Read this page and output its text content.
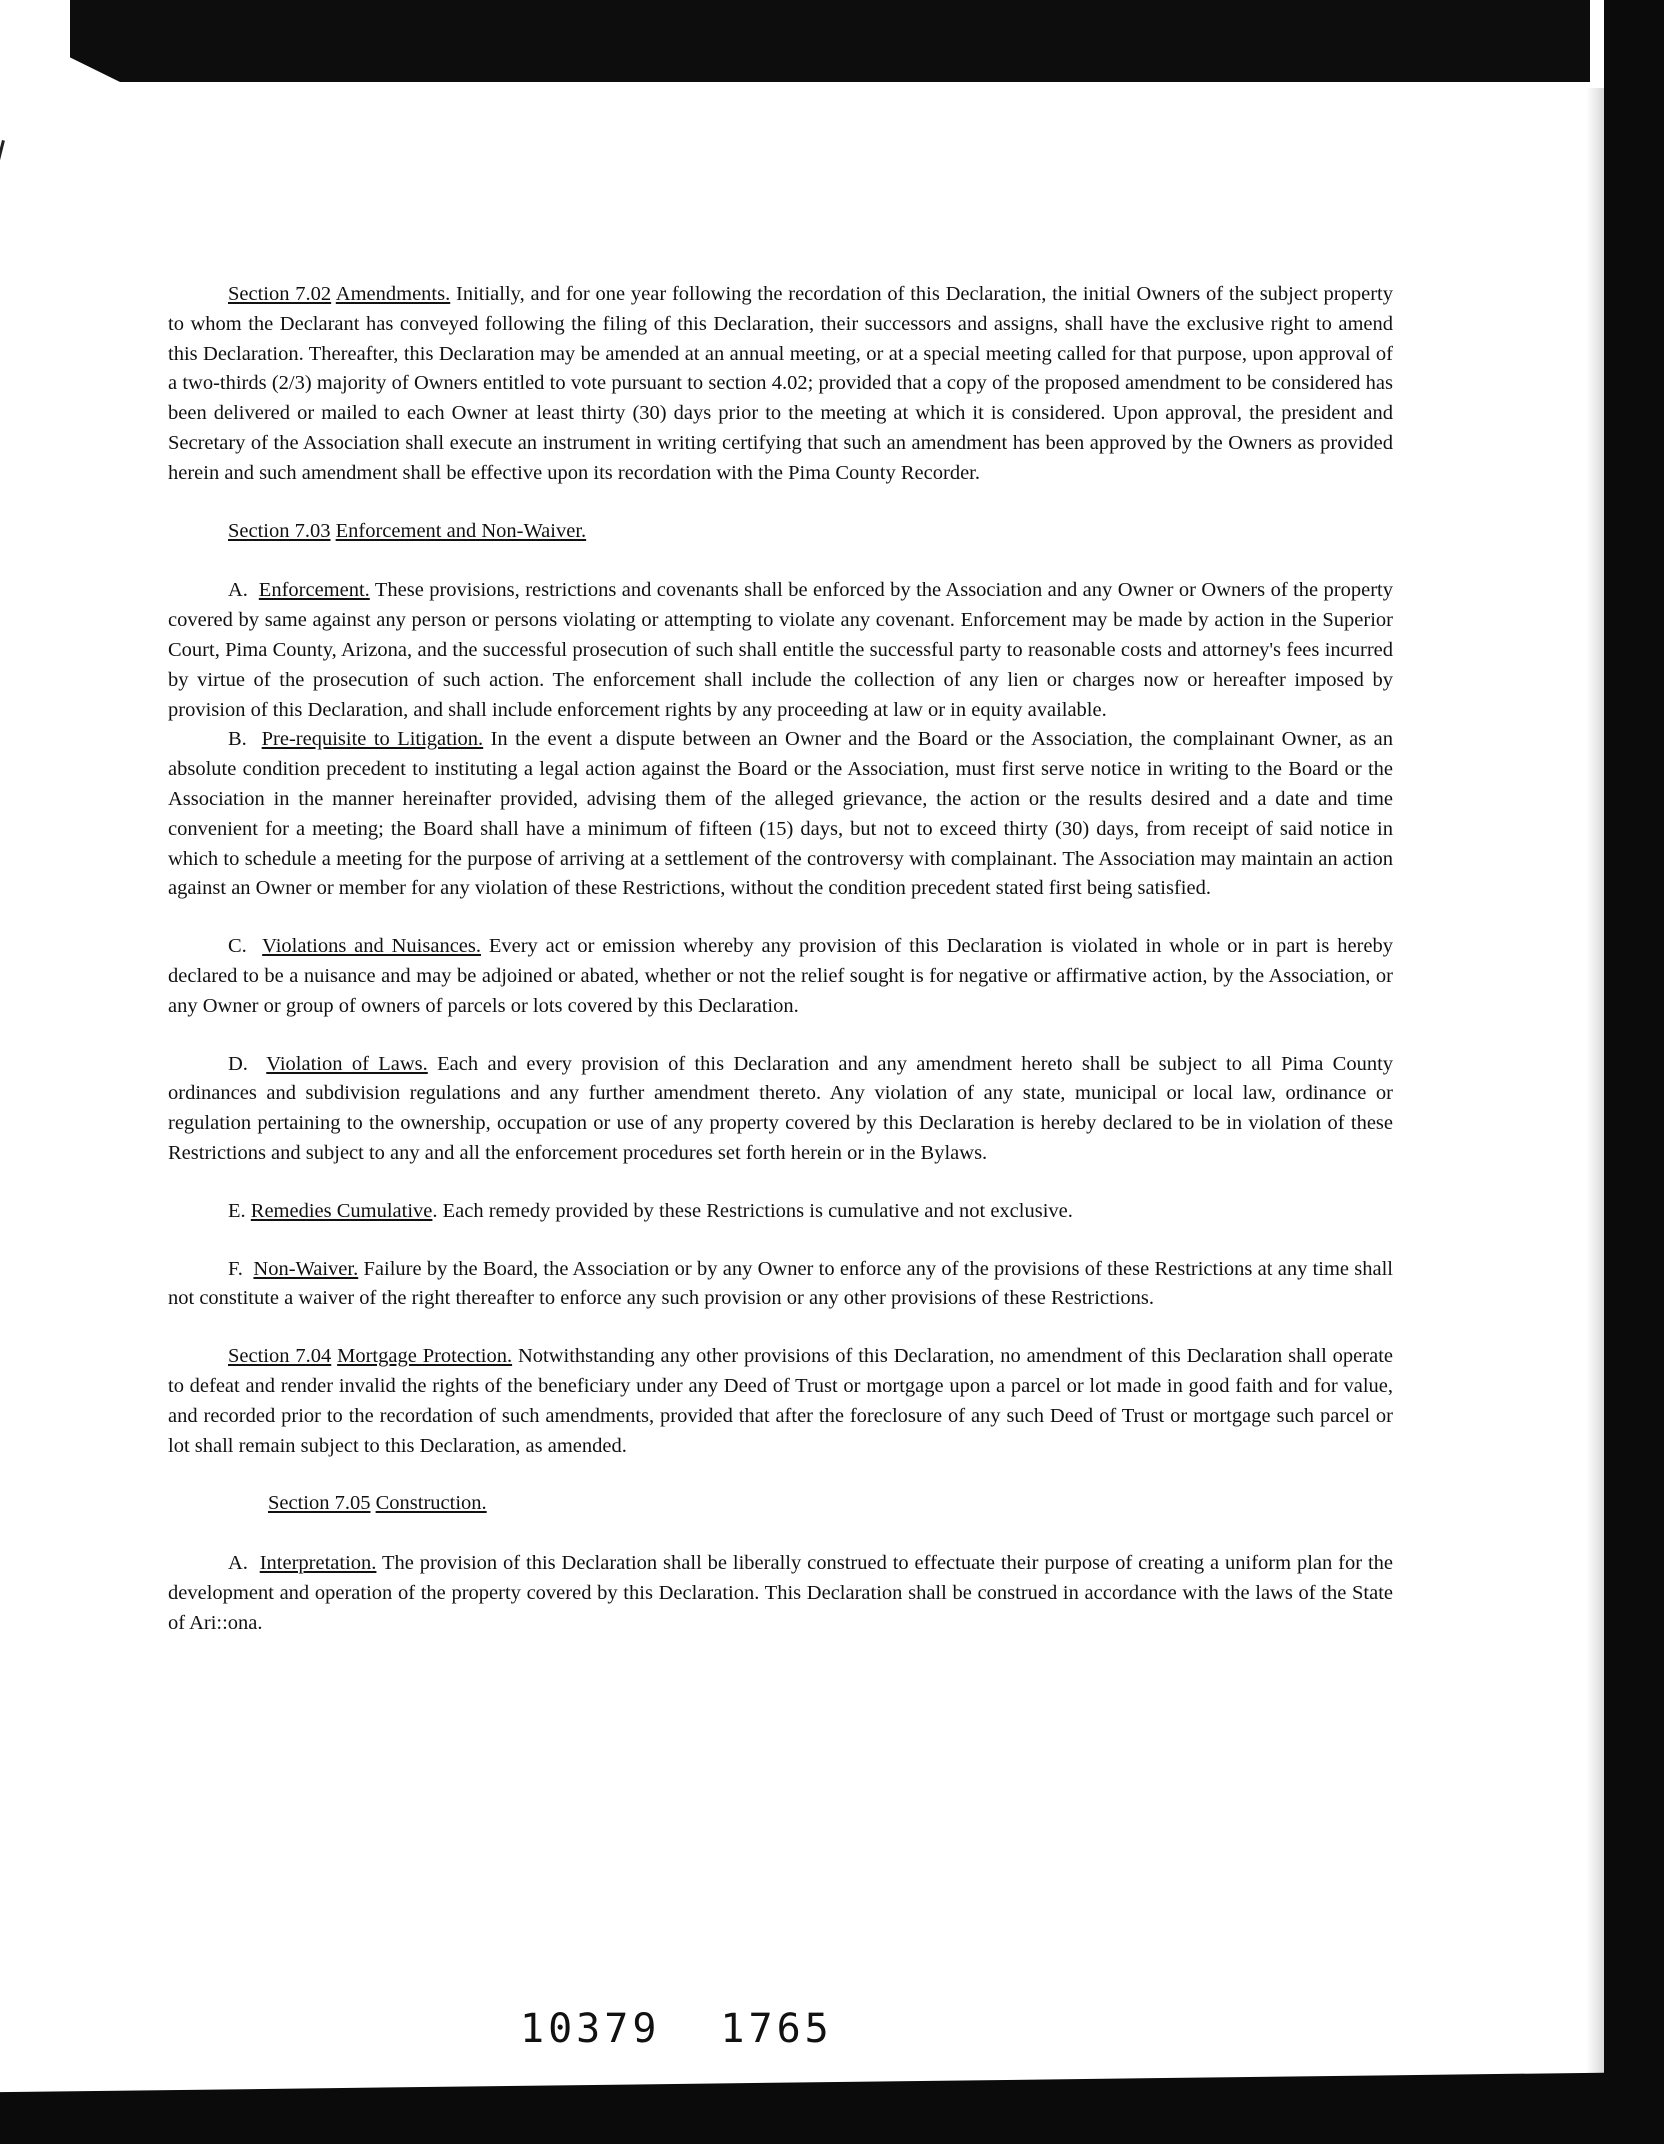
Section 7.02 Amendments. Initially, and for one year following the recordation of this Declaration, the initial Owners of the subject property to whom the Declarant has conveyed following the filing of this Declaration, their successors and assigns, shall have the exclusive right to amend this Declaration. Thereafter, this Declaration may be amended at an annual meeting, or at a special meeting called for that purpose, upon approval of a two-thirds (2/3) majority of Owners entitled to vote pursuant to section 4.02; provided that a copy of the proposed amendment to be considered has been delivered or mailed to each Owner at least thirty (30) days prior to the meeting at which it is considered. Upon approval, the president and Secretary of the Association shall execute an instrument in writing certifying that such an amendment has been approved by the Owners as provided herein and such amendment shall be effective upon its recordation with the Pima County Recorder.

Section 7.03 Enforcement and Non-Waiver.

A. Enforcement. These provisions, restrictions and covenants shall be enforced by the Association and any Owner or Owners of the property covered by same against any person or persons violating or attempting to violate any covenant. Enforcement may be made by action in the Superior Court, Pima County, Arizona, and the successful prosecution of such shall entitle the successful party to reasonable costs and attorney's fees incurred by virtue of the prosecution of such action. The enforcement shall include the collection of any lien or charges now or hereafter imposed by provision of this Declaration, and shall include enforcement rights by any proceeding at law or in equity available.

B. Pre-requisite to Litigation. In the event a dispute between an Owner and the Board or the Association, the complainant Owner, as an absolute condition precedent to instituting a legal action against the Board or the Association, must first serve notice in writing to the Board or the Association in the manner hereinafter provided, advising them of the alleged grievance, the action or the results desired and a date and time convenient for a meeting; the Board shall have a minimum of fifteen (15) days, but not to exceed thirty (30) days, from receipt of said notice in which to schedule a meeting for the purpose of arriving at a settlement of the controversy with complainant. The Association may maintain an action against an Owner or member for any violation of these Restrictions, without the condition precedent stated first being satisfied.

C. Violations and Nuisances. Every act or emission whereby any provision of this Declaration is violated in whole or in part is hereby declared to be a nuisance and may be adjoined or abated, whether or not the relief sought is for negative or affirmative action, by the Association, or any Owner or group of owners of parcels or lots covered by this Declaration.

D. Violation of Laws. Each and every provision of this Declaration and any amendment hereto shall be subject to all Pima County ordinances and subdivision regulations and any further amendment thereto. Any violation of any state, municipal or local law, ordinance or regulation pertaining to the ownership, occupation or use of any property covered by this Declaration is hereby declared to be in violation of these Restrictions and subject to any and all the enforcement procedures set forth herein or in the Bylaws.

E. Remedies Cumulative. Each remedy provided by these Restrictions is cumulative and not exclusive.

F. Non-Waiver. Failure by the Board, the Association or by any Owner to enforce any of the provisions of these Restrictions at any time shall not constitute a waiver of the right thereafter to enforce any such provision or any other provisions of these Restrictions.

Section 7.04 Mortgage Protection. Notwithstanding any other provisions of this Declaration, no amendment of this Declaration shall operate to defeat and render invalid the rights of the beneficiary under any Deed of Trust or mortgage upon a parcel or lot made in good faith and for value, and recorded prior to the recordation of such amendments, provided that after the foreclosure of any such Deed of Trust or mortgage such parcel or lot shall remain subject to this Declaration, as amended.

Section 7.05 Construction.

A. Interpretation. The provision of this Declaration shall be liberally construed to effectuate their purpose of creating a uniform plan for the development and operation of the property covered by this Declaration. This Declaration shall be construed in accordance with the laws of the State of Ari::ona.

10379 1765
